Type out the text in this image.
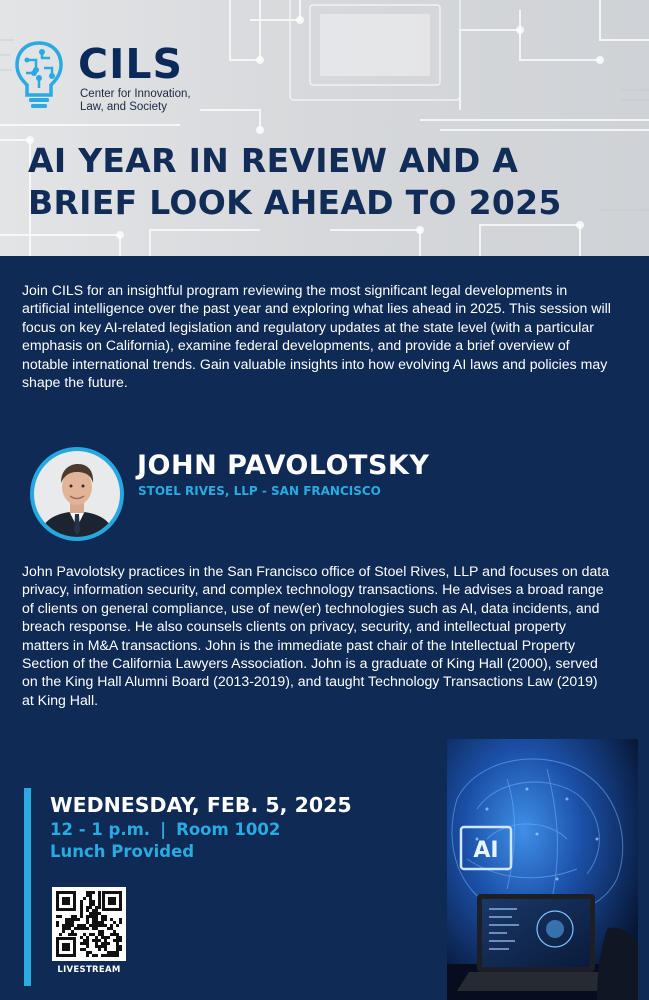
CILS
Center for Innovation,
Law, and Society
AI YEAR IN REVIEW AND A
BRIEF LOOK AHEAD TO 2025

Join CILS for an insightful program reviewing the most significant legal developments in artificial intelligence over the past year and exploring what lies ahead in 2025. This session will focus on key AI-related legislation and regulatory updates at the state level (with a particular emphasis on California), examine federal developments, and provide a brief overview of notable international trends. Gain valuable insights into how evolving AI laws and policies may shape the future.

JOHN PAVOLOTSKY
STOEL RIVES, LLP - SAN FRANCISCO

John Pavolotsky practices in the San Francisco office of Stoel Rives, LLP and focuses on data privacy, information security, and complex technology transactions. He advises a broad range of clients on general compliance, use of new(er) technologies such as AI, data incidents, and breach response. He also counsels clients on privacy, security, and intellectual property matters in M&A transactions. John is the immediate past chair of the Intellectual Property Section of the California Lawyers Association. John is a graduate of King Hall (2000), served on the King Hall Alumni Board (2013-2019), and taught Technology Transactions Law (2019) at King Hall.

WEDNESDAY, FEB. 5, 2025
12 - 1 p.m. | Room 1002
Lunch Provided
LIVESTREAM
AI
